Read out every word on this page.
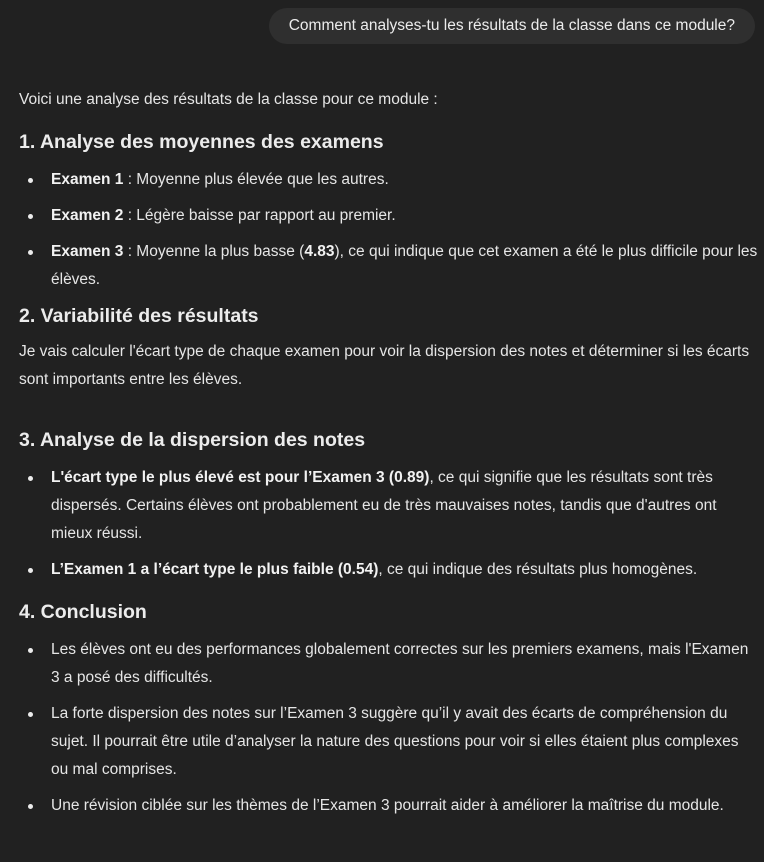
Comment analyses-tu les résultats de la classe dans ce module?

Voici une analyse des résultats de la classe pour ce module :

1. Analyse des moyennes des examens
Examen 1 : Moyenne plus élevée que les autres.
Examen 2 : Légère baisse par rapport au premier.
Examen 3 : Moyenne la plus basse (4.83), ce qui indique que cet examen a été le plus difficile pour les élèves.
2. Variabilité des résultats

Je vais calculer l'écart type de chaque examen pour voir la dispersion des notes et déterminer si les écarts sont importants entre les élèves.

3. Analyse de la dispersion des notes
L'écart type le plus élevé est pour l’Examen 3 (0.89), ce qui signifie que les résultats sont très dispersés. Certains élèves ont probablement eu de très mauvaises notes, tandis que d'autres ont mieux réussi.
L’Examen 1 a l’écart type le plus faible (0.54), ce qui indique des résultats plus homogènes.
4. Conclusion
Les élèves ont eu des performances globalement correctes sur les premiers examens, mais l'Examen 3 a posé des difficultés.
La forte dispersion des notes sur l’Examen 3 suggère qu’il y avait des écarts de compréhension du sujet. Il pourrait être utile d’analyser la nature des questions pour voir si elles étaient plus complexes ou mal comprises.
Une révision ciblée sur les thèmes de l’Examen 3 pourrait aider à améliorer la maîtrise du module.
